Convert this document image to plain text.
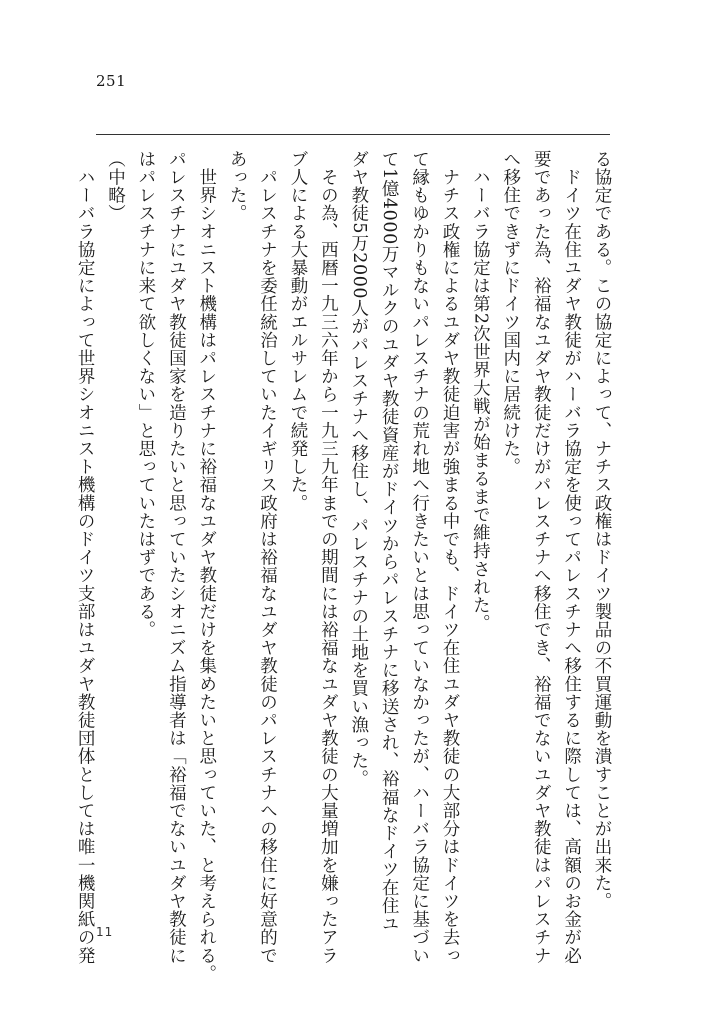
251
る協定である。この協定によって、ナチス政権はドイツ製品の不買運動を潰すことが出来た。
　ドイツ在住ユダヤ教徒がハーバラ協定を使ってパレスチナへ移住するに際しては、高額のお金が必
要であった為、裕福なユダヤ教徒だけがパレスチナへ移住でき、裕福でないユダヤ教徒はパレスチナ
へ移住できずにドイツ国内に居続けた。
　ハーバラ協定は第2次世界大戦が始まるまで維持された。
　ナチス政権によるユダヤ教徒迫害が強まる中でも、ドイツ在住ユダヤ教徒の大部分はドイツを去っ
て縁もゆかりもないパレスチナの荒れ地へ行きたいとは思っていなかったが、ハーバラ協定に基づい
て1億4000万マルクのユダヤ教徒資産がドイツからパレスチナに移送され、裕福なドイツ在住ユ
ダヤ教徒5万2000人がパレスチナへ移住し、パレスチナの土地を買い漁った。
　その為、西暦一九三六年から一九三九年までの期間には裕福なユダヤ教徒の大量増加を嫌ったアラ
ブ人による大暴動がエルサレムで続発した。
　パレスチナを委任統治していたイギリス政府は裕福なユダヤ教徒のパレスチナへの移住に好意的で
あった。
　世界シオニスト機構はパレスチナに裕福なユダヤ教徒だけを集めたいと思っていた、と考えられる。
パレスチナにユダヤ教徒国家を造りたいと思っていたシオニズム指導者は「裕福でないユダヤ教徒に
はパレスチナに来て欲しくない」と思っていたはずである。
（中略）
　ハーバラ協定によって世界シオニスト機構のドイツ支部はユダヤ教徒団体としては唯一機関紙の発 11
